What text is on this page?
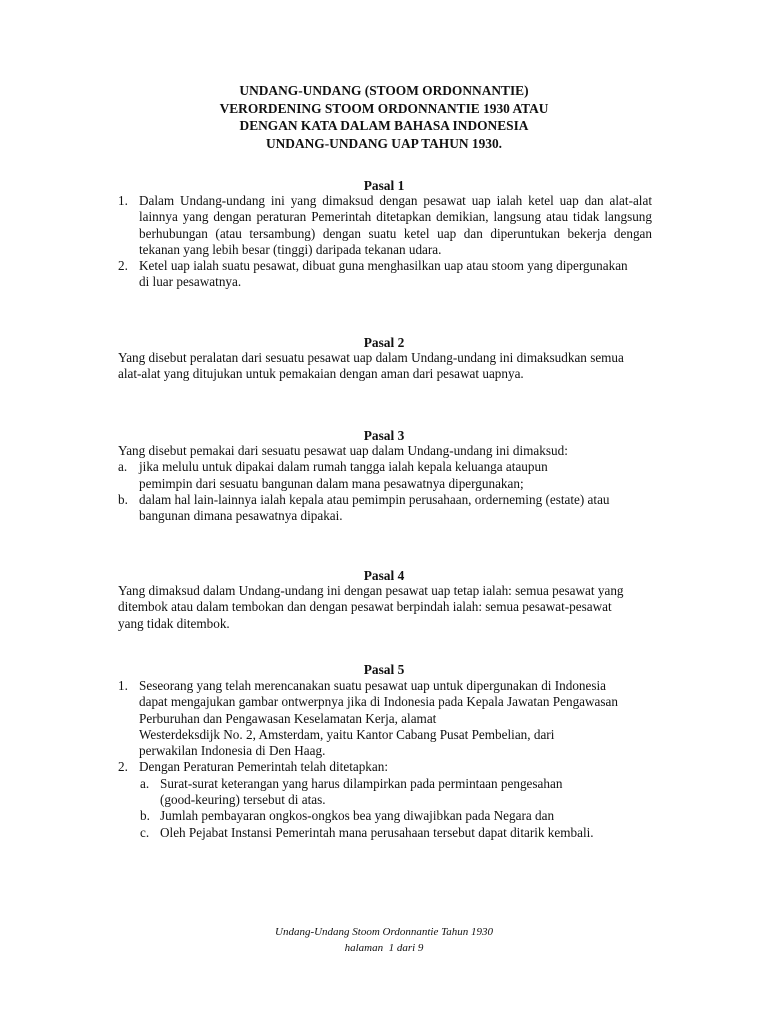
UNDANG-UNDANG (STOOM ORDONNANTIE)
VERORDENING STOOM ORDONNANTIE 1930 ATAU
DENGAN KATA DALAM BAHASA INDONESIA
UNDANG-UNDANG UAP TAHUN 1930.
Pasal 1
1. Dalam Undang-undang ini yang dimaksud dengan pesawat uap ialah ketel uap dan alat-alat
lainnya yang dengan peraturan Pemerintah ditetapkan demikian, langsung atau tidak langsung
berhubungan (atau tersambung) dengan suatu ketel uap dan diperuntukan bekerja dengan
tekanan yang lebih besar (tinggi) daripada tekanan udara.
2. Ketel uap ialah suatu pesawat, dibuat guna menghasilkan uap atau stoom yang dipergunakan
di luar pesawatnya.
Pasal 2
Yang disebut peralatan dari sesuatu pesawat uap dalam Undang-undang ini dimaksudkan semua
alat-alat yang ditujukan untuk pemakaian dengan aman dari pesawat uapnya.
Pasal 3
Yang disebut pemakai dari sesuatu pesawat uap dalam Undang-undang ini dimaksud:
a. jika melulu untuk dipakai dalam rumah tangga ialah kepala keluanga ataupun
pemimpin dari sesuatu bangunan dalam mana pesawatnya dipergunakan;
b. dalam hal lain-lainnya ialah kepala atau pemimpin perusahaan, orderneming (estate) atau
bangunan dimana pesawatnya dipakai.
Pasal 4
Yang dimaksud dalam Undang-undang ini dengan pesawat uap tetap ialah: semua pesawat yang
ditembok atau dalam tembokan dan dengan pesawat berpindah ialah: semua pesawat-pesawat
yang tidak ditembok.
Pasal 5
1. Seseorang yang telah merencanakan suatu pesawat uap untuk dipergunakan di Indonesia
dapat mengajukan gambar ontwerpnya jika di Indonesia pada Kepala Jawatan Pengawasan
Perburuhan dan Pengawasan Keselamatan Kerja, alamat
Westerdeksdijk No. 2, Amsterdam, yaitu Kantor Cabang Pusat Pembelian, dari
perwakilan Indonesia di Den Haag.
2. Dengan Peraturan Pemerintah telah ditetapkan:
a. Surat-surat keterangan yang harus dilampirkan pada permintaan pengesahan
(good-keuring) tersebut di atas.
b. Jumlah pembayaran ongkos-ongkos bea yang diwajibkan pada Negara dan
c. Oleh Pejabat Instansi Pemerintah mana perusahaan tersebut dapat ditarik kembali.
Undang-Undang Stoom Ordonnantie Tahun 1930
halaman  1 dari 9
